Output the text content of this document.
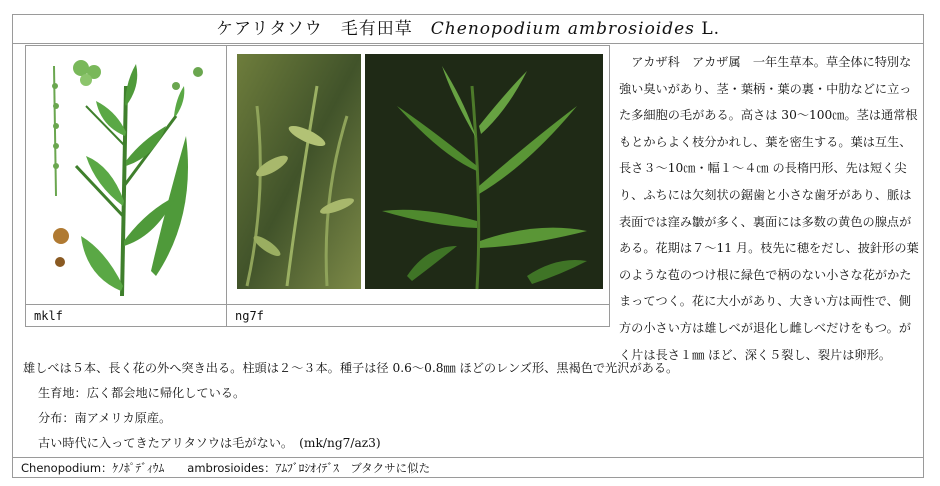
ケアリタソウ　毛有田草 Chenopodium ambrosioides L.
mklf	ng7f

アカザ科　アカザ属　一年生草本。草全体に特別な強い臭いがあり、茎・葉柄・葉の裏・中肋などに立った多細胞の毛がある。高さは 30～100㎝。茎は通常根もとからよく枝分かれし、葉を密生する。葉は互生、長さ３～10㎝・幅１～４㎝ の長楕円形、先は短く尖り、ふちには欠刻状の鋸歯と小さな歯牙があり、脈は表面では窪み皺が多く、裏面には多数の黄色の腺点がある。花期は７～11 月。枝先に穂をだし、披針形の葉のような苞のつけ根に緑色で柄のない小さな花がかたまってつく。花に大小があり、大きい方は両性で、側方の小さい方は雄しべが退化し雌しべだけをもつ。がく片は長さ１㎜ ほど、深く５裂し、裂片は卵形。

雄しべは５本、長く花の外へ突き出る。柱頭は２～３本。種子は径 0.6～0.8㎜ ほどのレンズ形、黒褐色で光沢がある。

生育地：広く都会地に帰化している。

分布：南アメリカ原産。

古い時代に入ってきたアリタソウは毛がない。　(mk/ng7/az3)

Chenopodium：ｹﾉﾎﾟﾃﾞｨｳﾑ　　ambrosioides：ｱﾑﾌﾞﾛｼｵｲﾃﾞｽ　ブタクサに似た
